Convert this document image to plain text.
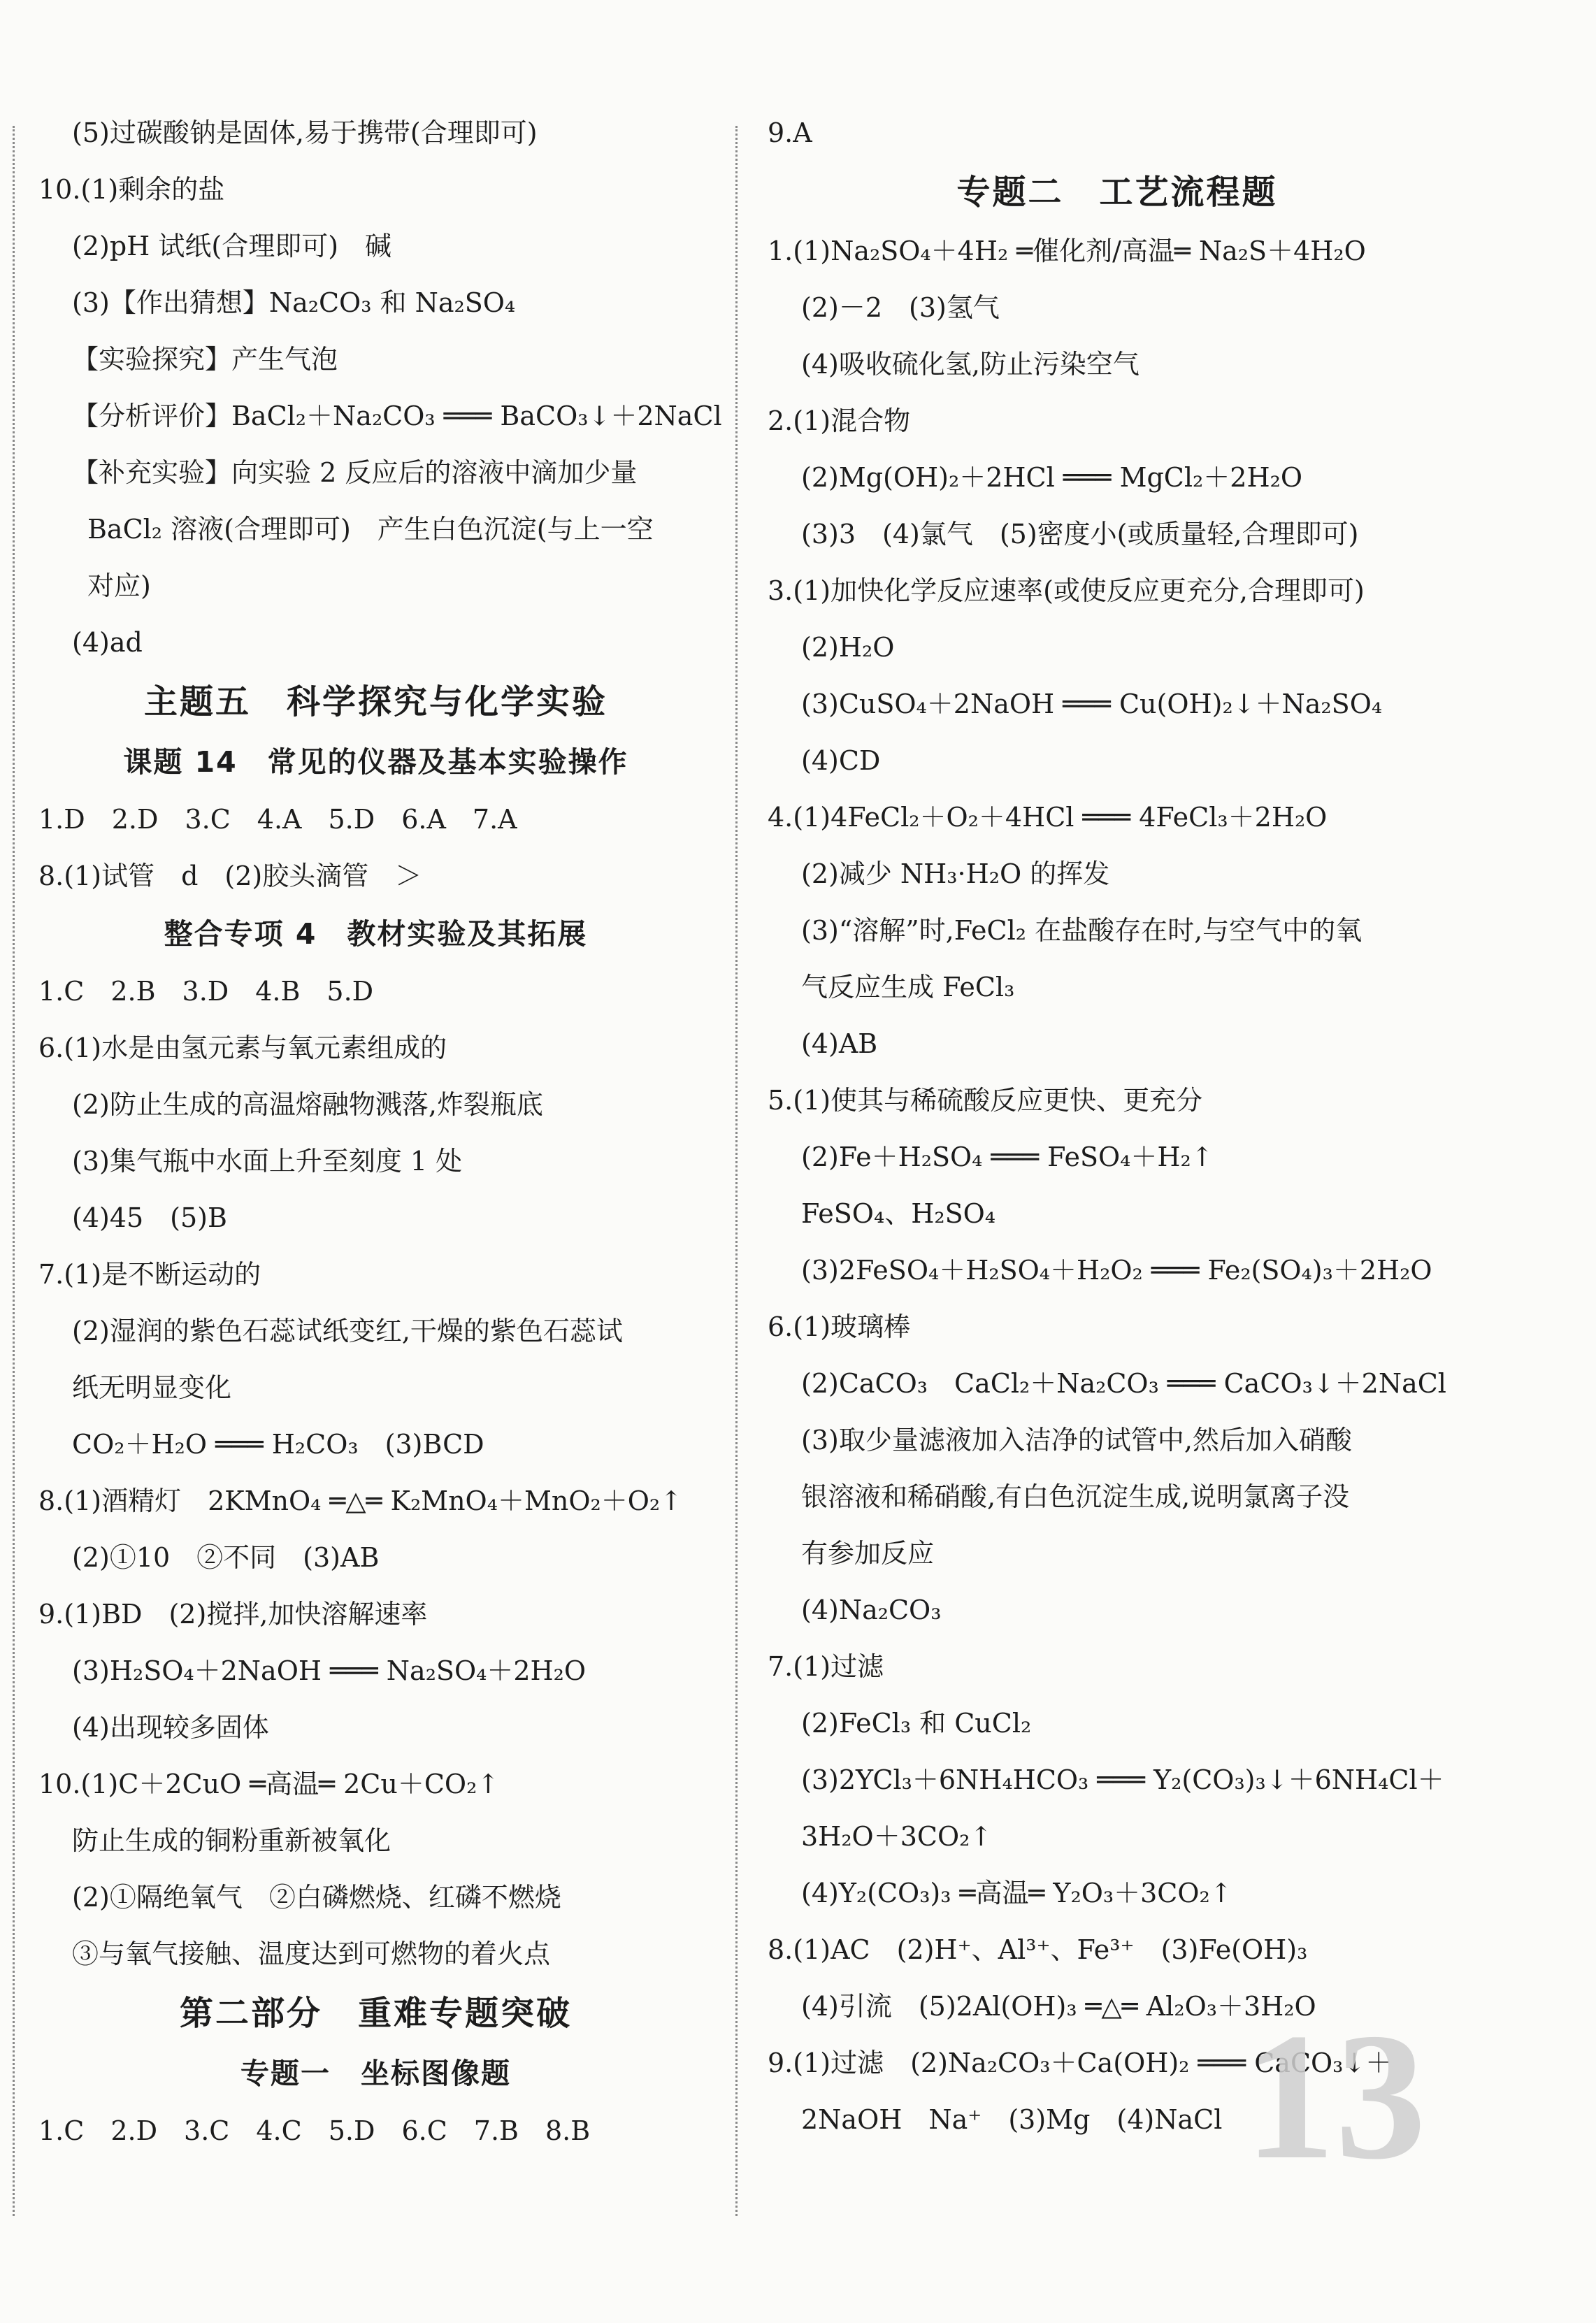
(5)过碳酸钠是固体,易于携带(合理即可)
10.(1)剩余的盐
(2)pH 试纸(合理即可)　碱
(3)【作出猜想】Na₂CO₃ 和 Na₂SO₄
【实验探究】产生气泡
【分析评价】BaCl₂＋Na₂CO₃ ═══ BaCO₃↓＋2NaCl
【补充实验】向实验 2 反应后的溶液中滴加少量
BaCl₂ 溶液(合理即可)　产生白色沉淀(与上一空
对应)
(4)ad
主题五　科学探究与化学实验
课题 14　常见的仪器及基本实验操作
1.D　2.D　3.C　4.A　5.D　6.A　7.A
8.(1)试管　d　(2)胶头滴管　＞
整合专项 4　教材实验及其拓展
1.C　2.B　3.D　4.B　5.D
6.(1)水是由氢元素与氧元素组成的
(2)防止生成的高温熔融物溅落,炸裂瓶底
(3)集气瓶中水面上升至刻度 1 处
(4)45　(5)B
7.(1)是不断运动的
(2)湿润的紫色石蕊试纸变红,干燥的紫色石蕊试
纸无明显变化
CO₂＋H₂O ═══ H₂CO₃　(3)BCD
8.(1)酒精灯　2KMnO₄ ═△═ K₂MnO₄＋MnO₂＋O₂↑
(2)①10　②不同　(3)AB
9.(1)BD　(2)搅拌,加快溶解速率
(3)H₂SO₄＋2NaOH ═══ Na₂SO₄＋2H₂O
(4)出现较多固体
10.(1)C＋2CuO ═高温═ 2Cu＋CO₂↑
防止生成的铜粉重新被氧化
(2)①隔绝氧气　②白磷燃烧、红磷不燃烧
③与氧气接触、温度达到可燃物的着火点
第二部分　重难专题突破
专题一　坐标图像题
1.C　2.D　3.C　4.C　5.D　6.C　7.B　8.B
9.A
专题二　工艺流程题
1.(1)Na₂SO₄＋4H₂ ═催化剂/高温═ Na₂S＋4H₂O
(2)－2　(3)氢气
(4)吸收硫化氢,防止污染空气
2.(1)混合物
(2)Mg(OH)₂＋2HCl ═══ MgCl₂＋2H₂O
(3)3　(4)氯气　(5)密度小(或质量轻,合理即可)
3.(1)加快化学反应速率(或使反应更充分,合理即可)
(2)H₂O
(3)CuSO₄＋2NaOH ═══ Cu(OH)₂↓＋Na₂SO₄
(4)CD
4.(1)4FeCl₂＋O₂＋4HCl ═══ 4FeCl₃＋2H₂O
(2)减少 NH₃·H₂O 的挥发
(3)“溶解”时,FeCl₂ 在盐酸存在时,与空气中的氧
气反应生成 FeCl₃
(4)AB
5.(1)使其与稀硫酸反应更快、更充分
(2)Fe＋H₂SO₄ ═══ FeSO₄＋H₂↑
FeSO₄、H₂SO₄
(3)2FeSO₄＋H₂SO₄＋H₂O₂ ═══ Fe₂(SO₄)₃＋2H₂O
6.(1)玻璃棒
(2)CaCO₃　CaCl₂＋Na₂CO₃ ═══ CaCO₃↓＋2NaCl
(3)取少量滤液加入洁净的试管中,然后加入硝酸
银溶液和稀硝酸,有白色沉淀生成,说明氯离子没
有参加反应
(4)Na₂CO₃
7.(1)过滤
(2)FeCl₃ 和 CuCl₂
(3)2YCl₃＋6NH₄HCO₃ ═══ Y₂(CO₃)₃↓＋6NH₄Cl＋
3H₂O＋3CO₂↑
(4)Y₂(CO₃)₃ ═高温═ Y₂O₃＋3CO₂↑
8.(1)AC　(2)H⁺、Al³⁺、Fe³⁺　(3)Fe(OH)₃
(4)引流　(5)2Al(OH)₃ ═△═ Al₂O₃＋3H₂O
9.(1)过滤　(2)Na₂CO₃＋Ca(OH)₂ ═══ CaCO₃↓＋
2NaOH　Na⁺　(3)Mg　(4)NaCl 13
